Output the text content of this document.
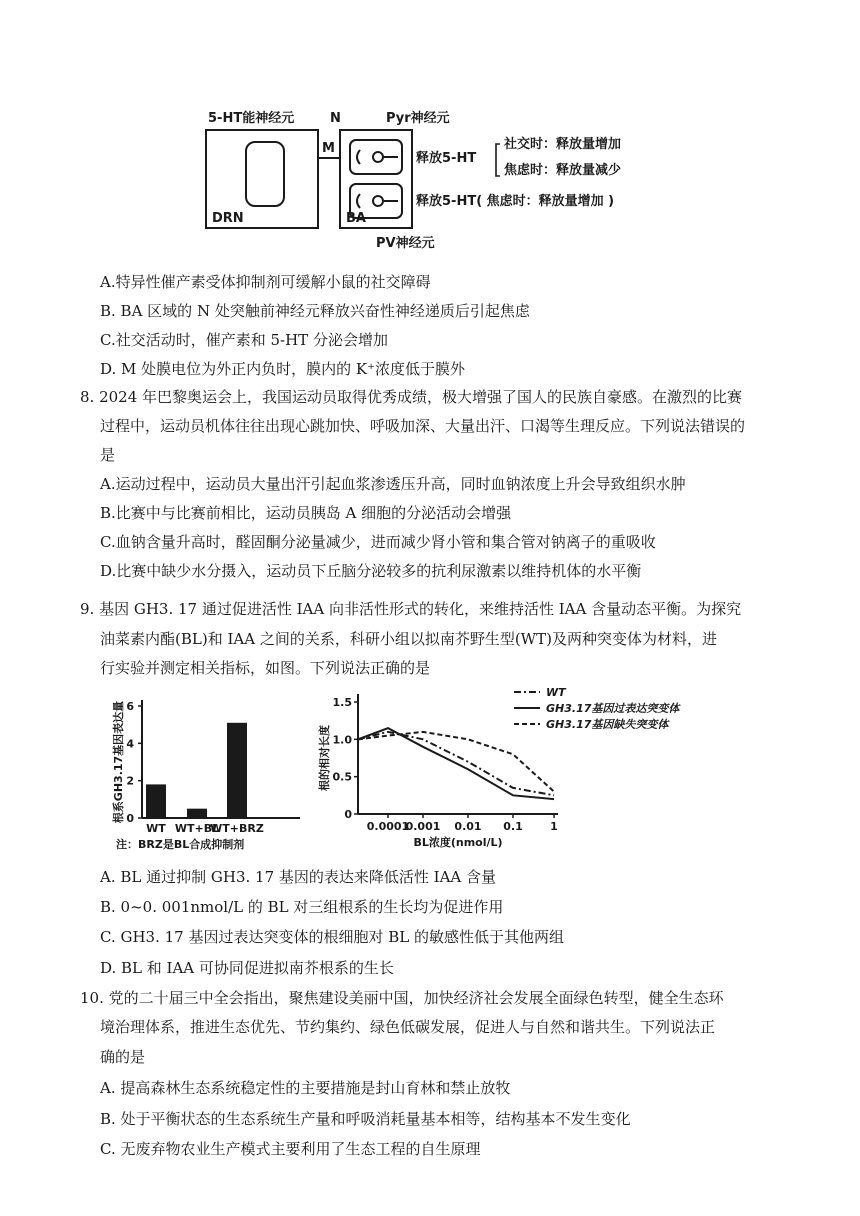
5-HT能神经元
DRN
M
N	Pyr神经元
BA
PV神经元
释放5-HT
社交时：释放量增加
焦虑时：释放量减少
释放5-HT( 焦虑时：释放量增加 )
A.特异性催产素受体抑制剂可缓解小鼠的社交障碍
B. BA 区域的 N 处突触前神经元释放兴奋性神经递质后引起焦虑
C.社交活动时，催产素和 5-HT 分泌会增加
D. M 处膜电位为外正内负时，膜内的 K⁺浓度低于膜外
8. 2024 年巴黎奥运会上，我国运动员取得优秀成绩，极大增强了国人的民族自豪感。在激烈的比赛
过程中，运动员机体往往出现心跳加快、呼吸加深、大量出汗、口渴等生理反应。下列说法错误的
是
A.运动过程中，运动员大量出汗引起血浆渗透压升高，同时血钠浓度上升会导致组织水肿
B.比赛中与比赛前相比，运动员胰岛 A 细胞的分泌活动会增强
C.血钠含量升高时，醛固酮分泌量减少，进而减少肾小管和集合管对钠离子的重吸收
D.比赛中缺少水分摄入，运动员下丘脑分泌较多的抗利尿激素以维持机体的水平衡
9. 基因 GH3. 17 通过促进活性 IAA 向非活性形式的转化，来维持活性 IAA 含量动态平衡。为探究
油菜素内酯(BL)和 IAA 之间的关系，科研小组以拟南芥野生型(WT)及两种突变体为材料，进
行实验并测定相关指标，如图。下列说法正确的是
0
2
4
6
WT WT+BL
WT+BRZ
根系GH3.17基因表达量
注：BRZ是BL合成抑制剂
0
0.5
1.0
1.5
0.0001
0.001 0.01 0.1 1
根的相对长度
BL浓度(nmol/L)
WT
GH3.17基因过表达突变体
GH3.17基因缺失突变体
A. BL 通过抑制 GH3. 17 基因的表达来降低活性 IAA 含量
B. 0~0. 001nmol/L 的 BL 对三组根系的生长均为促进作用
C. GH3. 17 基因过表达突变体的根细胞对 BL 的敏感性低于其他两组
D. BL 和 IAA 可协同促进拟南芥根系的生长
10. 党的二十届三中全会指出，聚焦建设美丽中国，加快经济社会发展全面绿色转型，健全生态环
境治理体系，推进生态优先、节约集约、绿色低碳发展，促进人与自然和谐共生。下列说法正
确的是
A. 提高森林生态系统稳定性的主要措施是封山育林和禁止放牧
B. 处于平衡状态的生态系统生产量和呼吸消耗量基本相等，结构基本不发生变化
C. 无废弃物农业生产模式主要利用了生态工程的自生原理
